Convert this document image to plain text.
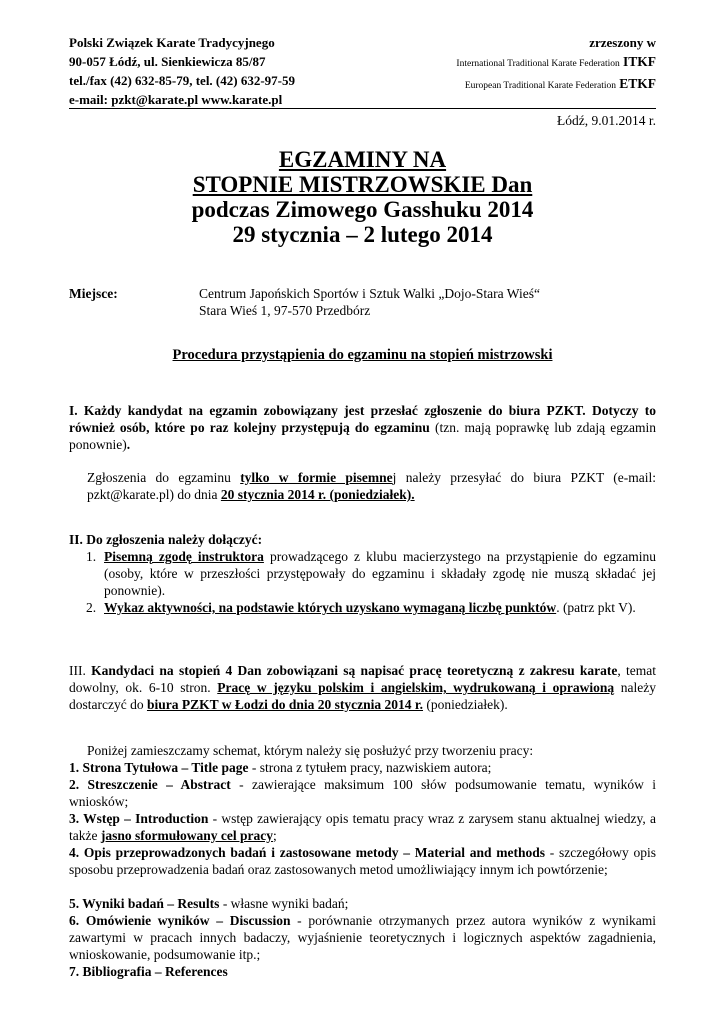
Polski Związek Karate Tradycyjnego
90-057 Łódź, ul. Sienkiewicza 85/87
tel./fax (42) 632-85-79, tel. (42) 632-97-59
e-mail: pzkt@karate.pl www.karate.pl
zrzeszony w
International Traditional Karate Federation ITKF
European Traditional Karate Federation ETKF
Łódź, 9.01.2014 r.
EGZAMINY NA
STOPNIE MISTRZOWSKIE Dan
podczas Zimowego Gasshuku 2014
29 stycznia – 2 lutego 2014
Miejsce:	Centrum Japońskich Sportów i Sztuk Walki „Dojo-Stara Wieś“
Stara Wieś 1, 97-570 Przedbórz
Procedura przystąpienia do egzaminu na stopień mistrzowski
I. Każdy kandydat na egzamin zobowiązany jest przesłać zgłoszenie do biura PZKT. Dotyczy to również osób, które po raz kolejny przystępują do egzaminu (tzn. mają poprawkę lub zdają egzamin ponownie).
Zgłoszenia do egzaminu tylko w formie pisemnej należy przesyłać do biura PZKT (e-mail: pzkt@karate.pl) do dnia 20 stycznia 2014 r. (poniedziałek).
II. Do zgłoszenia należy dołączyć:
1. Pisemną zgodę instruktora prowadzącego z klubu macierzystego na przystąpienie do egzaminu (osoby, które w przeszłości przystępowały do egzaminu i składały zgodę nie muszą składać jej ponownie).
2. Wykaz aktywności, na podstawie których uzyskano wymaganą liczbę punktów. (patrz pkt V).
III. Kandydaci na stopień 4 Dan zobowiązani są napisać pracę teoretyczną z zakresu karate, temat dowolny, ok. 6-10 stron. Pracę w języku polskim i angielskim, wydrukowaną i oprawioną należy dostarczyć do biura PZKT w Łodzi do dnia 20 stycznia 2014 r. (poniedziałek).
Poniżej zamieszczamy schemat, którym należy się posłużyć przy tworzeniu pracy:
1. Strona Tytułowa – Title page - strona z tytułem pracy, nazwiskiem autora;
2. Streszczenie – Abstract - zawierające maksimum 100 słów podsumowanie tematu, wyników i wniosków;
3. Wstęp – Introduction - wstęp zawierający opis tematu pracy wraz z zarysem stanu aktualnej wiedzy, a także jasno sformułowany cel pracy;
4. Opis przeprowadzonych badań i zastosowane metody – Material and methods - szczegółowy opis sposobu przeprowadzenia badań oraz zastosowanych metod umożliwiający innym ich powtórzenie;
5. Wyniki badań – Results - własne wyniki badań;
6. Omówienie wyników – Discussion - porównanie otrzymanych przez autora wyników z wynikami zawartymi w pracach innych badaczy, wyjaśnienie teoretycznych i logicznych aspektów zagadnienia, wnioskowanie, podsumowanie itp.;
7. Bibliografia – References
